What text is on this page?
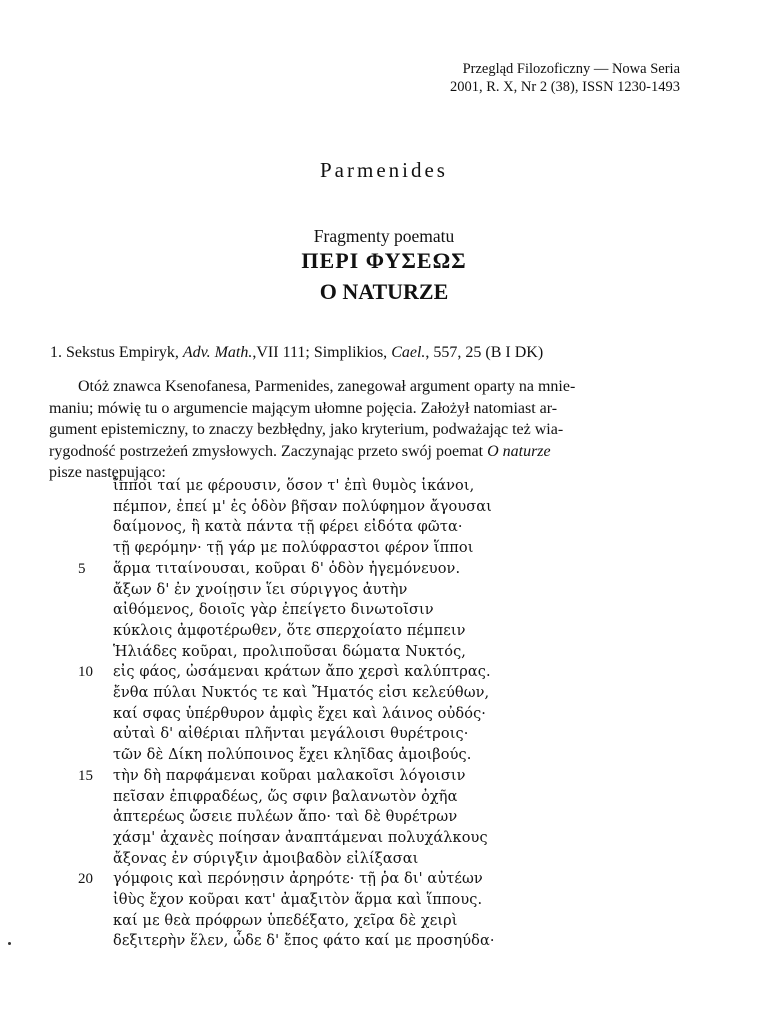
Przegląd Filozoficzny — Nowa Seria
2001, R. X, Nr 2 (38), ISSN 1230-1493
Parmenides
Fragmenty poematu
ΠΕΡΙ ΦΥΣΕΩΣ
O NATURZE
1. Sekstus Empiryk, Adv. Math.,VII 111; Simplikios, Cael., 557, 25 (B I DK)
Otóż znawca Ksenofanesa, Parmenides, zanegował argument oparty na mnie-
maniu; mówię tu o argumencie mającym ułomne pojęcia. Założył natomiast ar-
gument epistemiczny, to znaczy bezbłędny, jako kryterium, podważając też wia-
rygodność postrzeżeń zmysłowych. Zaczynając przeto swój poemat O naturze
pisze następująco:
ἵπποι ταί με φέρουσιν, ὅσον τ' ἐπὶ θυμὸς ἱκάνοι,
πέμπον, ἐπεί μ' ἐς ὁδὸν βῆσαν πολύφημον ἄγουσαι
δαίμονος, ἣ κατὰ πάντα τῇ φέρει εἰδότα φῶτα·
τῇ φερόμην· τῇ γάρ με πολύφραστοι φέρον ἵπποι
5 ἅρμα τιταίνουσαι, κοῦραι δ' ὁδὸν ἡγεμόνευον.
ἄξων δ' ἐν χνοίῃσιν ἵει σύριγγος ἀυτὴν
αἰθόμενος, δοιοῖς γὰρ ἐπείγετο δινωτοῖσιν
κύκλοις ἀμφοτέρωθεν, ὅτε σπερχοίατο πέμπειν
Ἡλιάδες κοῦραι, προλιποῦσαι δώματα Νυκτός,
10 εἰς φάος, ὠσάμεναι κράτων ἄπο χερσὶ καλύπτρας.
ἔνθα πύλαι Νυκτός τε καὶ Ἤματός εἰσι κελεύθων,
καί σφας ὑπέρθυρον ἀμφὶς ἔχει καὶ λάινος οὐδός·
αὐταὶ δ' αἰθέριαι πλῆνται μεγάλοισι θυρέτροις·
τῶν δὲ Δίκη πολύποινος ἔχει κληῖδας ἀμοιβούς.
15 τὴν δὴ παρφάμεναι κοῦραι μαλακοῖσι λόγοισιν
πεῖσαν ἐπιφραδέως, ὥς σφιν βαλανωτὸν ὀχῆα
ἀπτερέως ὤσειε πυλέων ἄπο· ταὶ δὲ θυρέτρων
χάσμ' ἀχανὲς ποίησαν ἀναπτάμεναι πολυχάλκους
ἄξονας ἐν σύριγξιν ἀμοιβαδὸν εἰλίξασαι
20 γόμφοις καὶ περόνῃσιν ἀρηρότε· τῇ ῥα δι' αὐτέων
ἰθὺς ἔχον κοῦραι κατ' ἀμαξιτὸν ἅρμα καὶ ἵππους.
καί με θεὰ πρόφρων ὑπεδέξατο, χεῖρα δὲ χειρὶ
δεξιτερὴν ἕλεν, ὧδε δ' ἔπος φάτο καί με προσηύδα·
